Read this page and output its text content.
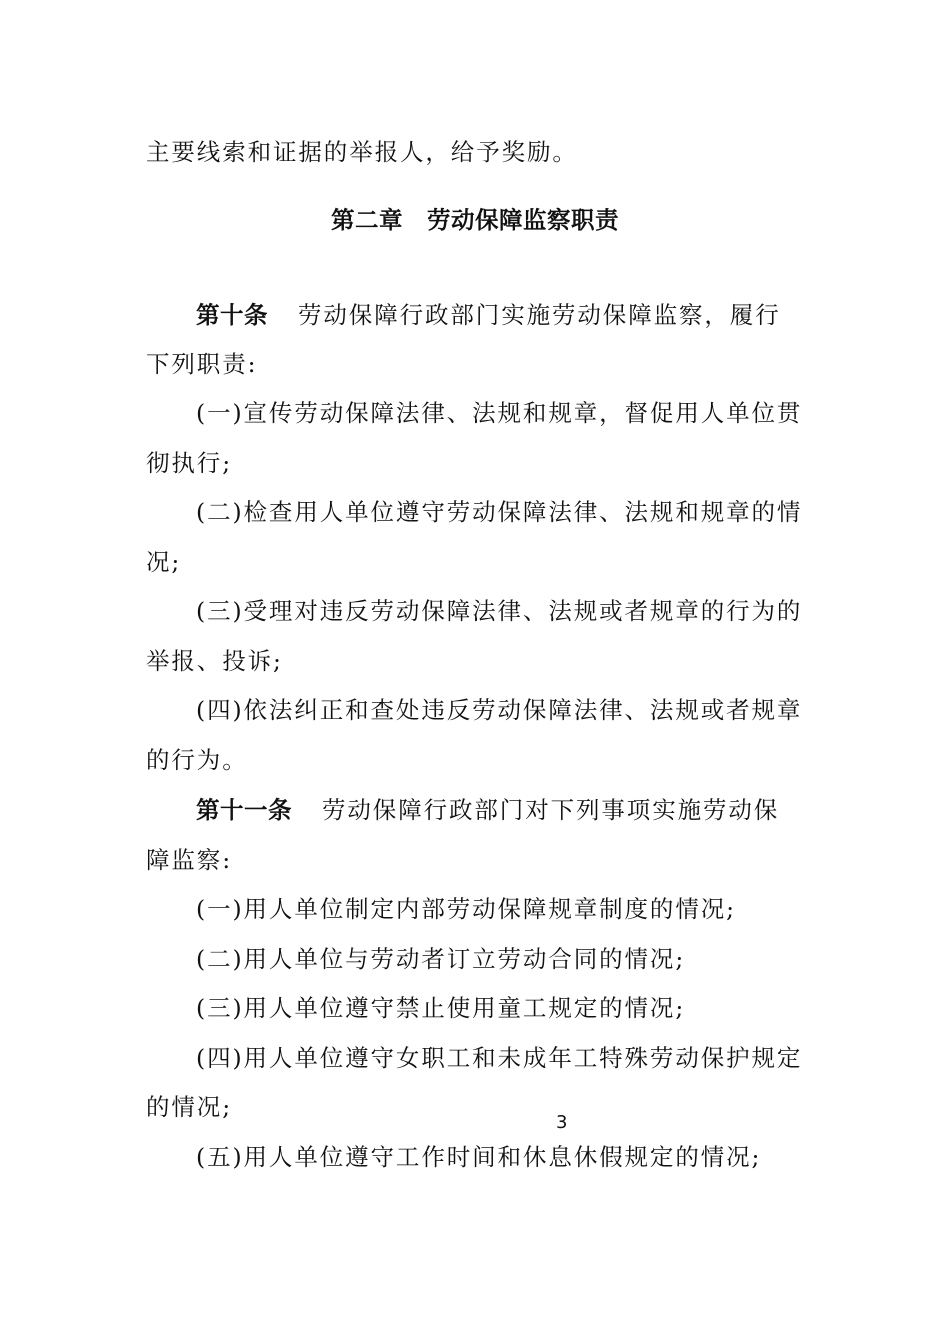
主要线索和证据的举报人，给予奖励。
第二章　劳动保障监察职责
第十条 劳动保障行政部门实施劳动保障监察，履行
下列职责:
(一)宣传劳动保障法律、法规和规章，督促用人单位贯
彻执行;
(二)检查用人单位遵守劳动保障法律、法规和规章的情
况;
(三)受理对违反劳动保障法律、法规或者规章的行为的
举报、投诉;
(四)依法纠正和查处违反劳动保障法律、法规或者规章
的行为。
第十一条 劳动保障行政部门对下列事项实施劳动保
障监察:
(一)用人单位制定内部劳动保障规章制度的情况;
(二)用人单位与劳动者订立劳动合同的情况;
(三)用人单位遵守禁止使用童工规定的情况;
(四)用人单位遵守女职工和未成年工特殊劳动保护规定
的情况;
3
(五)用人单位遵守工作时间和休息休假规定的情况;
